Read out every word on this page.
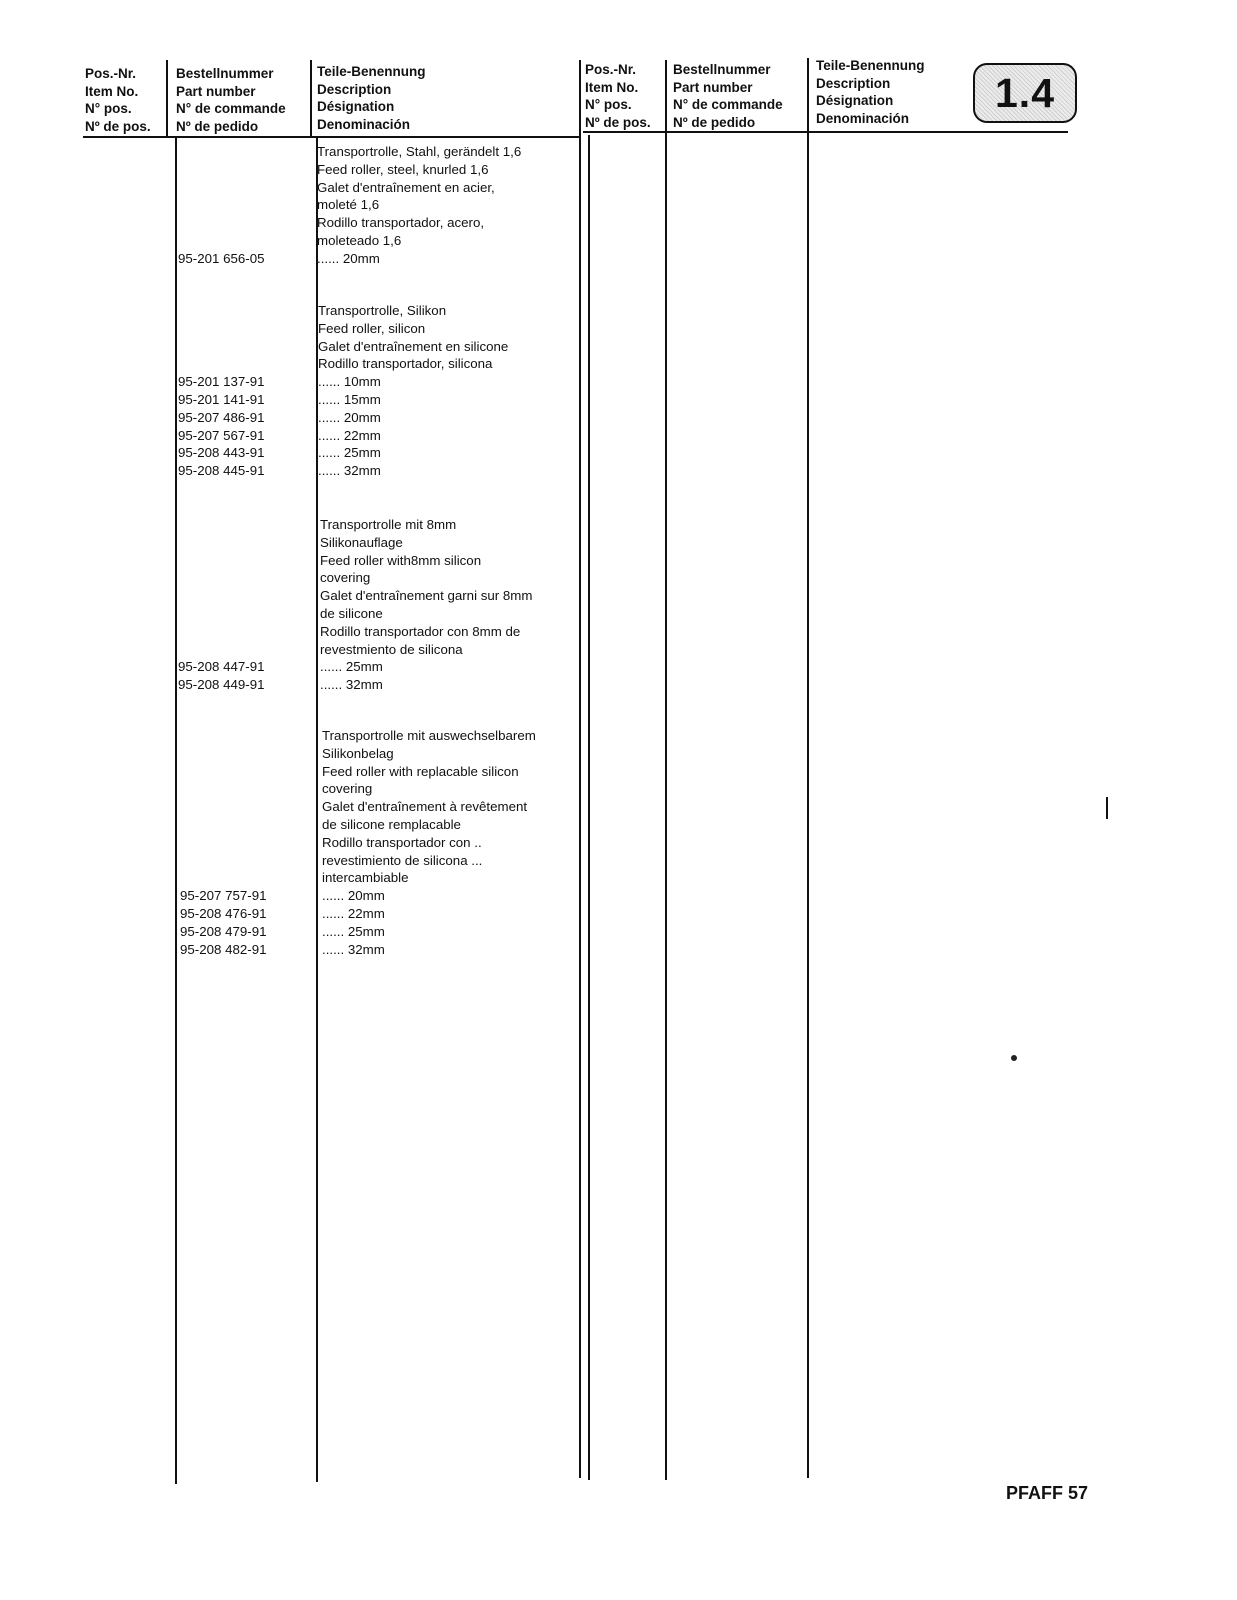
Pos.-Nr.
Item No.
N° pos.
Nº de pos.
Bestellnummer
Part number
N° de commande
Nº de pedido
Teile-Benennung
Description
Désignation
Denominación
Pos.-Nr.
Item No.
N° pos.
Nº de pos.
Bestellnummer
Part number
N° de commande
Nº de pedido
Teile-Benennung
Description
Désignation
Denominación
1.4
Transportrolle, Stahl, gerändelt 1,6
Feed roller, steel, knurled 1,6
Galet d'entraînement en acier,
moleté 1,6
Rodillo transportador, acero,
moleteado 1,6
...... 20mm
95-201 656-05
Transportrolle, Silikon
Feed roller, silicon
Galet d'entraînement en silicone
Rodillo transportador, silicona
...... 10mm
...... 15mm
...... 20mm
...... 22mm
...... 25mm
...... 32mm
95-201 137-91
95-201 141-91
95-207 486-91
95-207 567-91
95-208 443-91
95-208 445-91
Transportrolle mit 8mm
Silikonauflage
Feed roller with8mm silicon
covering
Galet d'entraînement garni sur 8mm
de silicone
Rodillo transportador con 8mm de
revestmiento de silicona
...... 25mm
...... 32mm
95-208 447-91
95-208 449-91
Transportrolle mit auswechselbarem
Silikonbelag
Feed roller with replacable silicon
covering
Galet d'entraînement à revêtement
de silicone remplacable
Rodillo transportador con ..
revestimiento de silicona ...
intercambiable
...... 20mm
...... 22mm
...... 25mm
...... 32mm
95-207 757-91
95-208 476-91
95-208 479-91
95-208 482-91
PFAFF 57
